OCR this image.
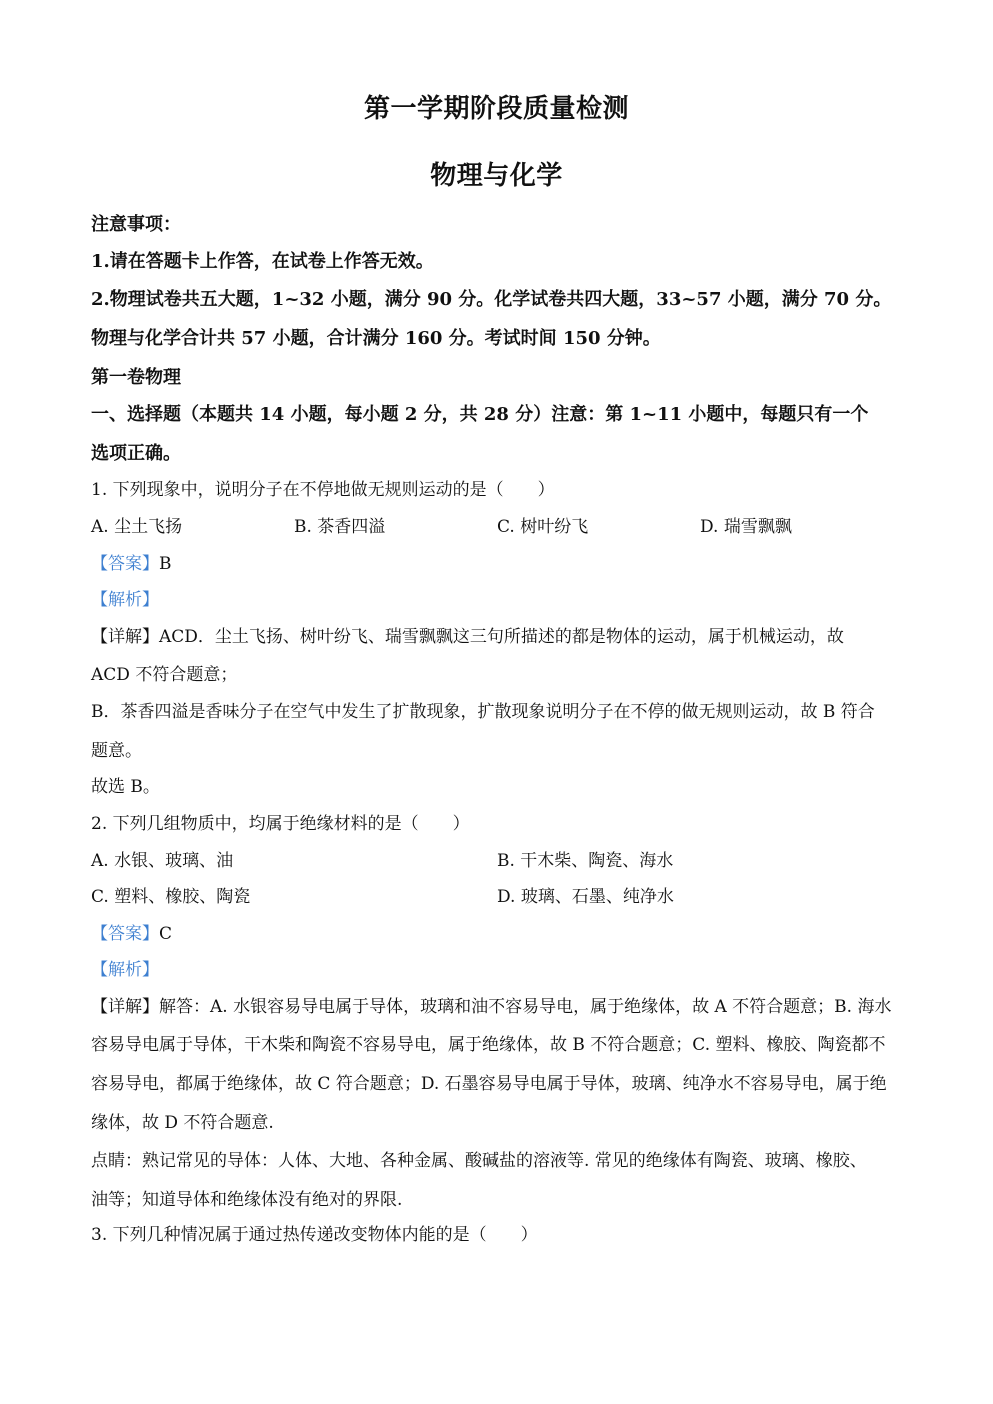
第一学期阶段质量检测
物理与化学
注意事项：
1.请在答题卡上作答，在试卷上作答无效。
2.物理试卷共五大题，1~32 小题，满分 90 分。化学试卷共四大题，33~57 小题，满分 70 分。
物理与化学合计共 57 小题，合计满分 160 分。考试时间 150 分钟。
第一卷物理
一、选择题（本题共 14 小题，每小题 2 分，共 28 分）注意：第 1~11 小题中，每题只有一个
选项正确。
1. 下列现象中，说明分子在不停地做无规则运动的是（　　）
A. 尘土飞扬	B. 茶香四溢	C. 树叶纷飞	D. 瑞雪飘飘
【答案】B
【解析】
【详解】ACD．尘土飞扬、树叶纷飞、瑞雪飘飘这三句所描述的都是物体的运动，属于机械运动，故
ACD 不符合题意；
B．茶香四溢是香味分子在空气中发生了扩散现象，扩散现象说明分子在不停的做无规则运动，故 B 符合
题意。
故选 B。
2. 下列几组物质中，均属于绝缘材料的是（　　）
A. 水银、玻璃、油	B. 干木柴、陶瓷、海水
C. 塑料、橡胶、陶瓷	D. 玻璃、石墨、纯净水
【答案】C
【解析】
【详解】解答：A. 水银容易导电属于导体，玻璃和油不容易导电，属于绝缘体，故 A 不符合题意；B. 海水
容易导电属于导体，干木柴和陶瓷不容易导电，属于绝缘体，故 B 不符合题意；C. 塑料、橡胶、陶瓷都不
容易导电，都属于绝缘体，故 C 符合题意；D. 石墨容易导电属于导体，玻璃、纯净水不容易导电，属于绝
缘体，故 D 不符合题意.
点睛：熟记常见的导体：人体、大地、各种金属、酸碱盐的溶液等. 常见的绝缘体有陶瓷、玻璃、橡胶、
油等；知道导体和绝缘体没有绝对的界限.
3. 下列几种情况属于通过热传递改变物体内能的是（　　）
